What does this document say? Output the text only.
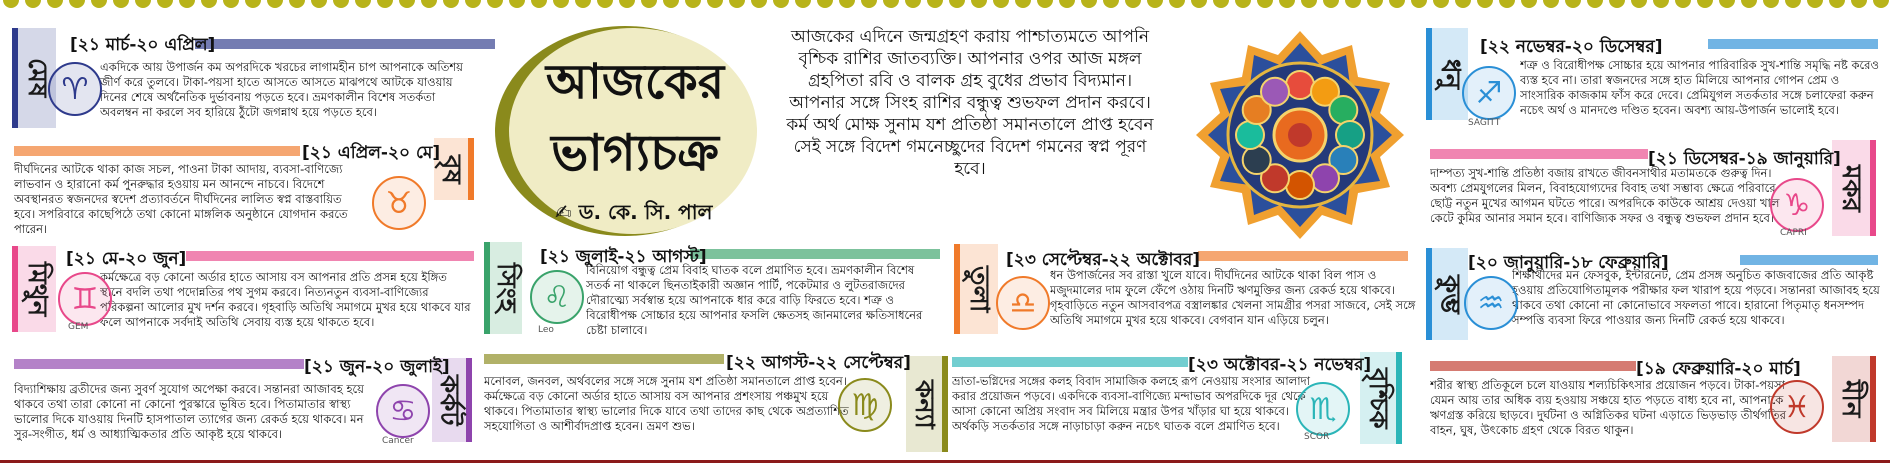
আজকের
ভাগ্যচক্র
✍ ড. কে. সি. পাল
আজকের এদিনে জন্মগ্রহণ করায় পাশ্চাত্যমতে আপনি বৃশ্চিক রাশির জাতব্যক্তি। আপনার ওপর আজ মঙ্গল গ্রহপিতা রবি ও বালক গ্রহ বুধের প্রভাব বিদ্যমান। আপনার সঙ্গে সিংহ রাশির বন্ধুত্ব শুভফল প্রদান করবে। কর্ম অর্থ মোক্ষ সুনাম যশ প্রতিষ্ঠা সমানতালে প্রাপ্ত হবেন সেই সঙ্গে বিদেশ গমনেচ্ছুদের বিদেশ গমনের স্বপ্ন পূরণ হবে।
মেষ
[২১ মার্চ-২০ এপ্রিল]
একদিকে আয় উপার্জন কম অপরদিকে খরচের লাগামহীন চাপ আপনাকে অতিশয় জীর্ণ করে তুলবে। টাকা-পয়সা হাতে আসতে আসতে মাঝপথে আটকে যাওয়ায় দিনের শেষে অর্থনৈতিক দুর্ভাবনায় পড়তে হবে। ভ্রমণকালীন বিশেষ সতর্কতা অবলম্বন না করলে সব হারিয়ে ঠুঁটো জগন্নাথ হয়ে পড়তে হবে।
♈
বৃষ
[২১ এপ্রিল-২০ মে]
দীর্ঘদিনের আটকে থাকা কাজ সচল, পাওনা টাকা আদায়, ব্যবসা-বাণিজ্যে লাভবান ও হারানো কর্ম পুনরুদ্ধার হওয়ায় মন আনন্দে নাচবে। বিদেশে অবস্থানরত স্বজনদের স্বদেশ প্রত্যাবর্তনে দীর্ঘদিনের লালিত স্বপ্ন বাস্তবায়িত হবে। সপরিবারে কাছেপিঠে তথা কোনো মাঙ্গলিক অনুষ্ঠানে যোগদান করতে পারেন।
♉
মিথুন
[২১ মে-২০ জুন]
কর্মক্ষেত্রে বড় কোনো অর্ডার হাতে আসায় বস আপনার প্রতি প্রসন্ন হয়ে ইঙ্গিত স্থানে বদলি তথা পদোন্নতির পথ সুগম করবে। নিত্যনতুন ব্যবসা-বাণিজ্যের পরিকল্পনা আলোর মুখ দর্শন করবে। গৃহবাড়ি অতিথি সমাগমে মুখর হয়ে থাকবে যার ফলে আপনাকে সর্বদাই অতিথি সেবায় ব্যস্ত হয়ে থাকতে হবে।
♊
GEM
কর্কট
[২১ জুন-২০ জুলাই]
বিদ্যাশিক্ষায় ব্রতীদের জন্য সুবর্ণ সুযোগ অপেক্ষা করবে। সন্তানরা আজাবহ হয়ে থাকবে তথা তারা কোনো না কোনো পুরস্কারে ভূষিত হবে। পিতামাতার স্বাস্থ্য ভালোর দিকে যাওয়ায় দিনটি হাসপাতাল ত্যাগের জন্য রেকর্ড হয়ে থাকবে। মন সুর-সংগীত, ধর্ম ও আধ্যাত্মিকতার প্রতি আকৃষ্ট হয়ে থাকবে।
♋
Cancer
সিংহ
[২১ জুলাই-২১ আগস্ট]
বিনিয়োগ বন্ধুত্ব প্রেম বিবাহ ঘাতক বলে প্রমাণিত হবে। ভ্রমণকালীন বিশেষ সতর্ক না থাকলে ছিনতাইকারী অজ্ঞান পার্টি, পকেটমার ও লুটতরাজদের দৌরাত্ম্যে সর্বস্বান্ত হয়ে আপনাকে ধার করে বাড়ি ফিরতে হবে। শত্রু ও বিরোধীপক্ষ সোচ্চার হয়ে আপনার ফসলি ক্ষেতসহ জানমালের ক্ষতিসাধনের চেষ্টা চালাবে।
♌
Leo
কন্যা
[২২ আগস্ট-২২ সেপ্টেম্বর]
মনোবল, জনবল, অর্থবলের সঙ্গে সঙ্গে সুনাম যশ প্রতিষ্ঠা সমানতালে প্রাপ্ত হবেন। কর্মক্ষেত্রে বড় কোনো অর্ডার হাতে আসায় বস আপনার প্রশংসায় পঞ্চমুখ হয়ে থাকবে। পিতামাতার স্বাস্থ্য ভালোর দিকে যাবে তথা তাদের কাছ থেকে অপ্রত্যাশিত সহযোগিতা ও আশীর্বাদপ্রাপ্ত হবেন। ভ্রমণ শুভ।
♍
তুলা
[২৩ সেপ্টেম্বর-২২ অক্টোবর]
ধন উপার্জনের সব রাস্তা খুলে যাবে। দীর্ঘদিনের আটকে থাকা বিল পাস ও মজুদমালের দাম ফুলে ফেঁপে ওঠায় দিনটি ঋণমুক্তির জন্য রেকর্ড হয়ে থাকবে। গৃহবাড়িতে নতুন আসবাবপত্র বস্ত্রালঙ্কার খেলনা সামগ্রীর পসরা সাজবে, সেই সঙ্গে অতিথি সমাগমে মুখর হয়ে থাকবে। বেগবান যান এড়িয়ে চলুন।
♎
বৃশ্চিক
[২৩ অক্টোবর-২১ নভেম্বর]
ভ্রাতা-ভগ্নিদের সঙ্গের কলহ বিবাদ সামাজিক কলহে রূপ নেওয়ায় সংসার আলাদা করার প্রয়োজন পড়বে। একদিকে ব্যবসা-বাণিজ্যে মন্দাভাব অপরদিকে দূর থেকে আসা কোনো অপ্রিয় সংবাদ সব মিলিয়ে মন্ত্রার উপর খাঁড়ার ঘা হয়ে থাকবে। অর্থকড়ি সতর্কতার সঙ্গে নাড়াচাড়া করুন নচেৎ ঘাতক বলে প্রমাণিত হবে। ♏
SCOR
ধনু
[২২ নভেম্বর-২০ ডিসেম্বর]
শত্রু ও বিরোধীপক্ষ সোচ্চার হয়ে আপনার পারিবারিক সুখ-শান্তি সমৃদ্ধি নষ্ট করেও ব্যস্ত হবে না। তারা স্বজনদের সঙ্গে হাত মিলিয়ে আপনার গোপন প্রেম ও সাংসারিক কাজকাম ফাঁস করে দেবে। প্রেমিযুগল সতর্কতার সঙ্গে চলাফেরা করুন নচেৎ অর্থ ও মানদণ্ডে দণ্ডিত হবেন। অবশ্য আয়-উপার্জন ভালোই হবে।
♐
SAGITT
মকর
[২১ ডিসেম্বর-১৯ জানুয়ারি]
দাম্পত্য সুখ-শান্তি প্রতিষ্ঠা বজায় রাখতে জীবনসাথীর মতামতকে গুরুত্ব দিন। অবশ্য প্রেমযুগলের মিলন, বিবাহযোগ্যদের বিবাহ তথা সম্ভাব্য ক্ষেত্রে পরিবারে ছোট্ট নতুন মুখের আগমন ঘটতে পারে। অপরদিকে কাউকে আশ্রয় দেওয়া খাল কেটে কুমির আনার সমান হবে। বাণিজ্যিক সফর ও বন্ধুত্ব শুভফল প্রদান হবে। ♑
CAPRI
কুম্ভ
[২০ জানুয়ারি-১৮ ফেব্রুয়ারি]
শিক্ষার্থীদের মন ফেসবুক, ইন্টারনেট, প্রেম প্রসঙ্গ অনুচিত কাজবাজের প্রতি আকৃষ্ট হওয়ায় প্রতিযোগিতামূলক পরীক্ষার ফল খারাপ হয়ে পড়বে। সন্তানরা আজাবহ হয়ে থাকবে তথা কোনো না কোনোভাবে সফলতা পাবে। হারানো পিতৃমাতৃ ধনসম্পদ সম্পত্তি ব্যবসা ফিরে পাওয়ার জন্য দিনটি রেকর্ড হয়ে থাকবে।
♒
মীন
[১৯ ফেব্রুয়ারি-২০ মার্চ]
শরীর স্বাস্থ্য প্রতিকূলে চলে যাওয়ায় শল্যচিকিৎসার প্রয়োজন পড়বে। টাকা-পয়সা যেমন আয় তার অধিক ব্যয় হওয়ায় সঞ্চয়ে হাত পড়তে বাধ্য হবে না, আপনাকে ঋণগ্রস্ত করিয়ে ছাড়বে। দুর্ঘটনা ও অগ্নিতিকর ঘটনা এড়াতে ভিড়ভাড় তীর্থগতির বাহন, ঘুষ, উৎকোচ গ্রহণ থেকে বিরত থাকুন।
♓
